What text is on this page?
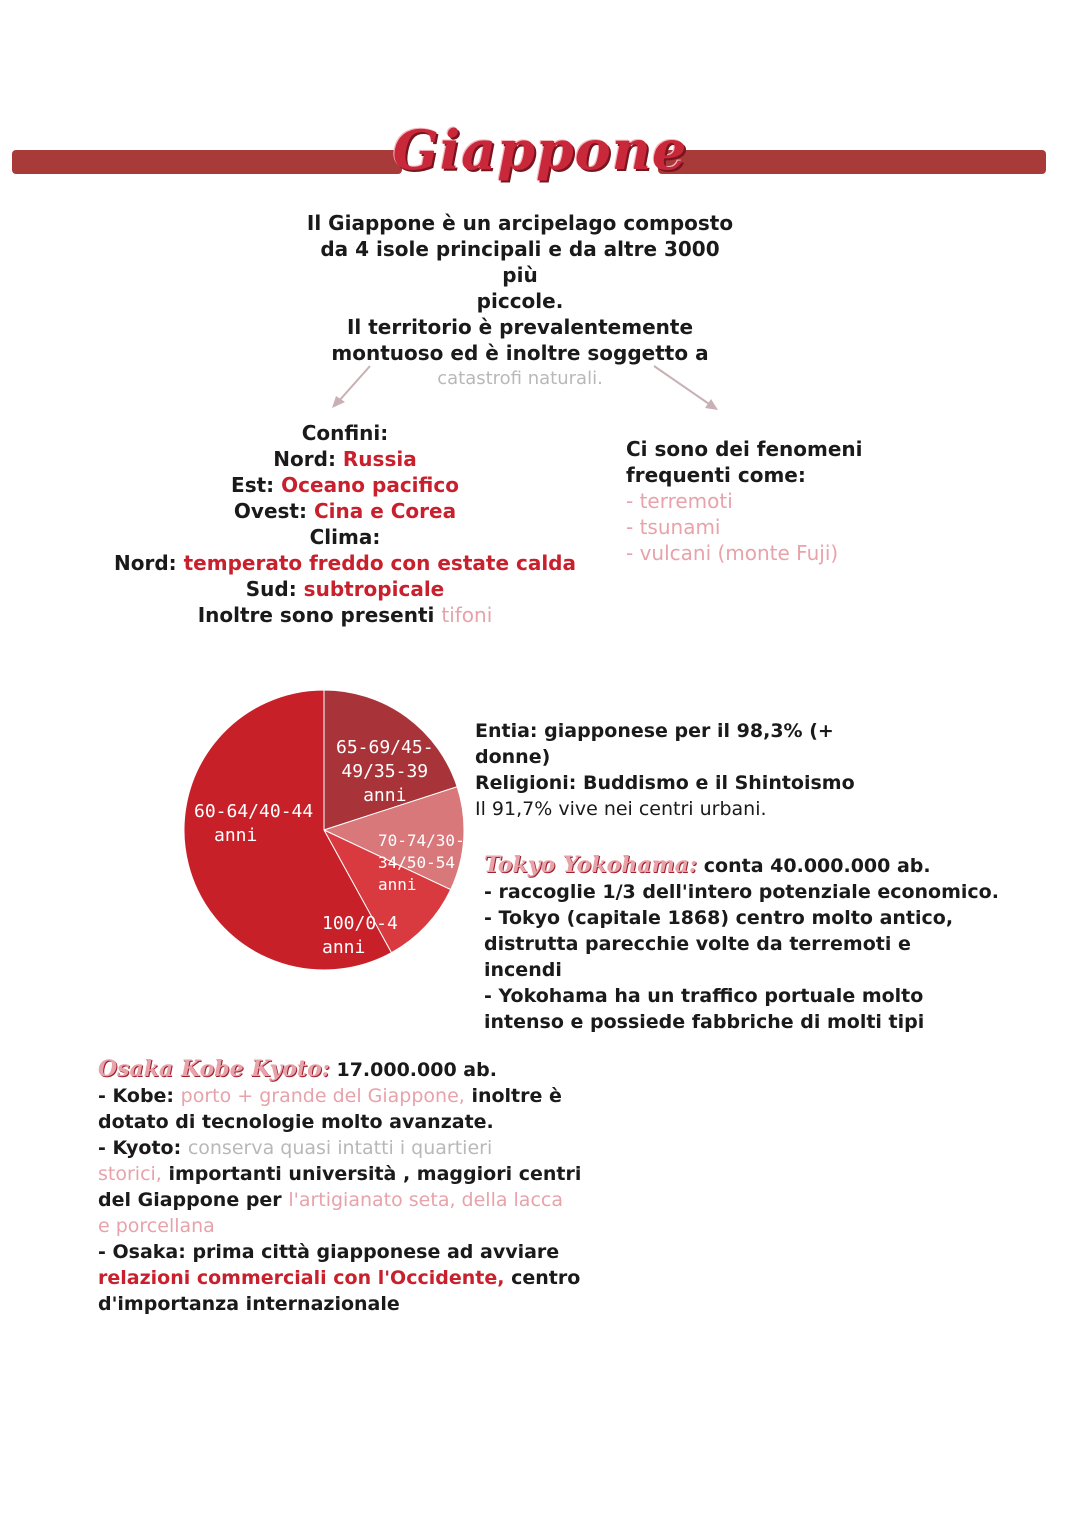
Giappone
Il Giappone è un arcipelago composto
da 4 isole principali e da altre 3000 più
piccole.
Il territorio è prevalentemente
montuoso ed è inoltre soggetto a
catastrofi naturali.
Confini:
Nord: Russia
Est: Oceano pacifico
Ovest: Cina e Corea
Clima:
Nord: temperato freddo con estate calda
Sud: subtropicale
Inoltre sono presenti tifoni
Ci sono dei fenomeni
frequenti come:
- terremoti
- tsunami
- vulcani (monte Fuji)
65-69/45-
49/35-39
anni
70-74/30-
34/50-54
anni
100/0-4
anni
60-64/40-44
anni
Entia: giapponese per il 98,3% (+
donne)
Religioni: Buddismo e il Shintoismo
Il 91,7% vive nei centri urbani.
Tokyo Yokohama: conta 40.000.000 ab.
- raccoglie 1/3 dell'intero potenziale economico.
- Tokyo (capitale 1868) centro molto antico,
distrutta parecchie volte da terremoti e
incendi
- Yokohama ha un traffico portuale molto
intenso e possiede fabbriche di molti tipi
Osaka Kobe Kyoto: 17.000.000 ab.
- Kobe: porto + grande del Giappone, inoltre è
dotato di tecnologie molto avanzate.
- Kyoto: conserva quasi intatti i quartieri
storici, importanti università , maggiori centri
del Giappone per l'artigianato seta, della lacca
e porcellana
- Osaka: prima città giapponese ad avviare
relazioni commerciali con l'Occidente, centro
d'importanza internazionale
